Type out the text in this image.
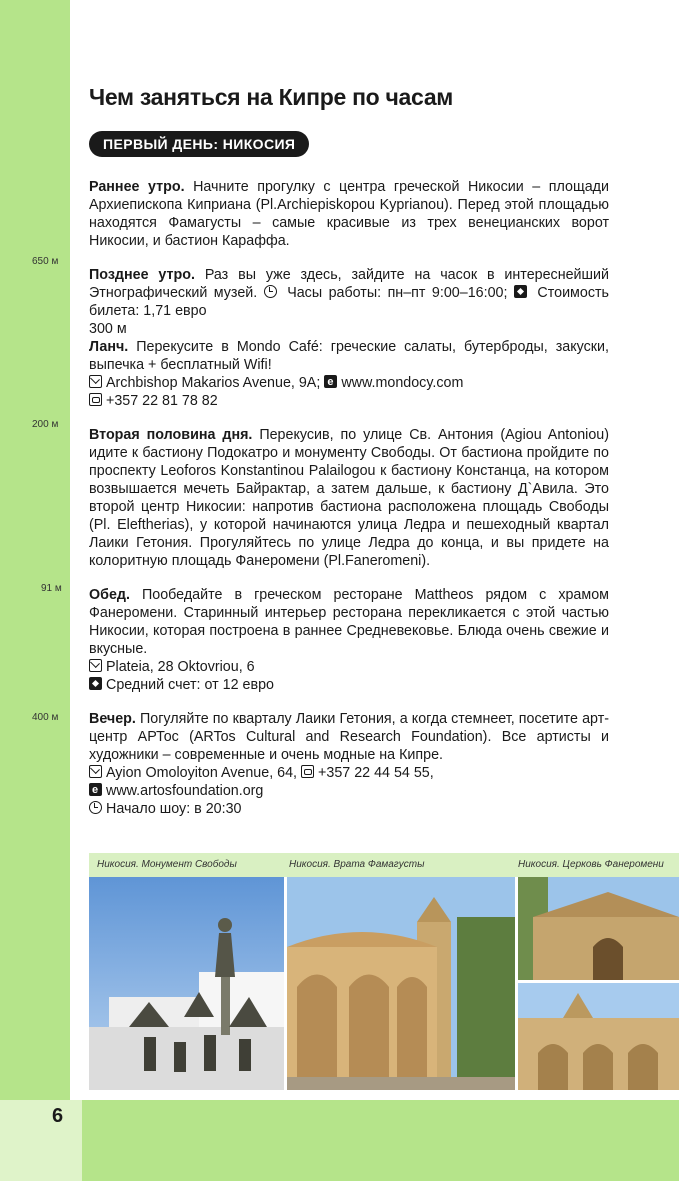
6
650 м
200 м
91 м
400 м
Чем заняться на Кипре по часам
ПЕРВЫЙ ДЕНЬ: НИКОСИЯ

Раннее утро. Начните прогулку с центра греческой Никосии – площади Архиепископа Киприана (Pl.Archiepiskopou Kyprianou). Перед этой площадью находятся Фамагусты – самые красивые из трех венецианских ворот Никосии, и бастион Караффа.

Позднее утро. Раз вы уже здесь, зайдите на часок в интереснейший Этнографический музей.  Часы работы: пн–пт 9:00–16:00;  Стоимость билета: 1,71 евро

300 м

Ланч. Перекусите в Mondo Café: греческие салаты, бутерброды, закуски, выпечка + бесплатный Wifi!

Archbishop Makarios Avenue, 9A; e www.mondocy.com

+357 22 81 78 82

Вторая половина дня. Перекусив, по улице Св. Антония (Agiou Antoniou) идите к бастиону Подокатро и монументу Свободы. От бастиона пройдите по проспекту Leoforos Konstantinou Palailogou к бастиону Констанца, на котором возвышается мечеть Байрактар, а затем дальше, к бастиону Д`Авила. Это второй центр Никосии: напротив бастиона расположена площадь Свободы (Pl. Eleftherias), у которой начинаются улица Ледра и пешеходный квартал Лаики Гетония. Прогуляйтесь по улице Ледра до конца, и вы придете на колоритную площадь Фанеромени (Pl.Faneromeni).

Обед. Пообедайте в греческом ресторане Mattheos рядом с храмом Фанеромени. Старинный интерьер ресторана перекликается с этой частью Никосии, которая построена в раннее Средневековье. Блюда очень свежие и вкусные.

Plateia, 28 Oktovriou, 6

Средний счет: от 12 евро

Вечер. Погуляйте по кварталу Лаики Гетония, а когда стемнеет, посетите арт-центр АРТос (ARTos Cultural and Research Foundation). Все артисты и художники – современные и очень модные на Кипре.

Ayion Omoloyiton Avenue, 64, +357 22 44 54 55,

ewww.artosfoundation.org

Начало шоу: в 20:30

Никосия. Монумент Свободы	Никосия. Врата Фамагусты	Никосия. Церковь Фанеромени
